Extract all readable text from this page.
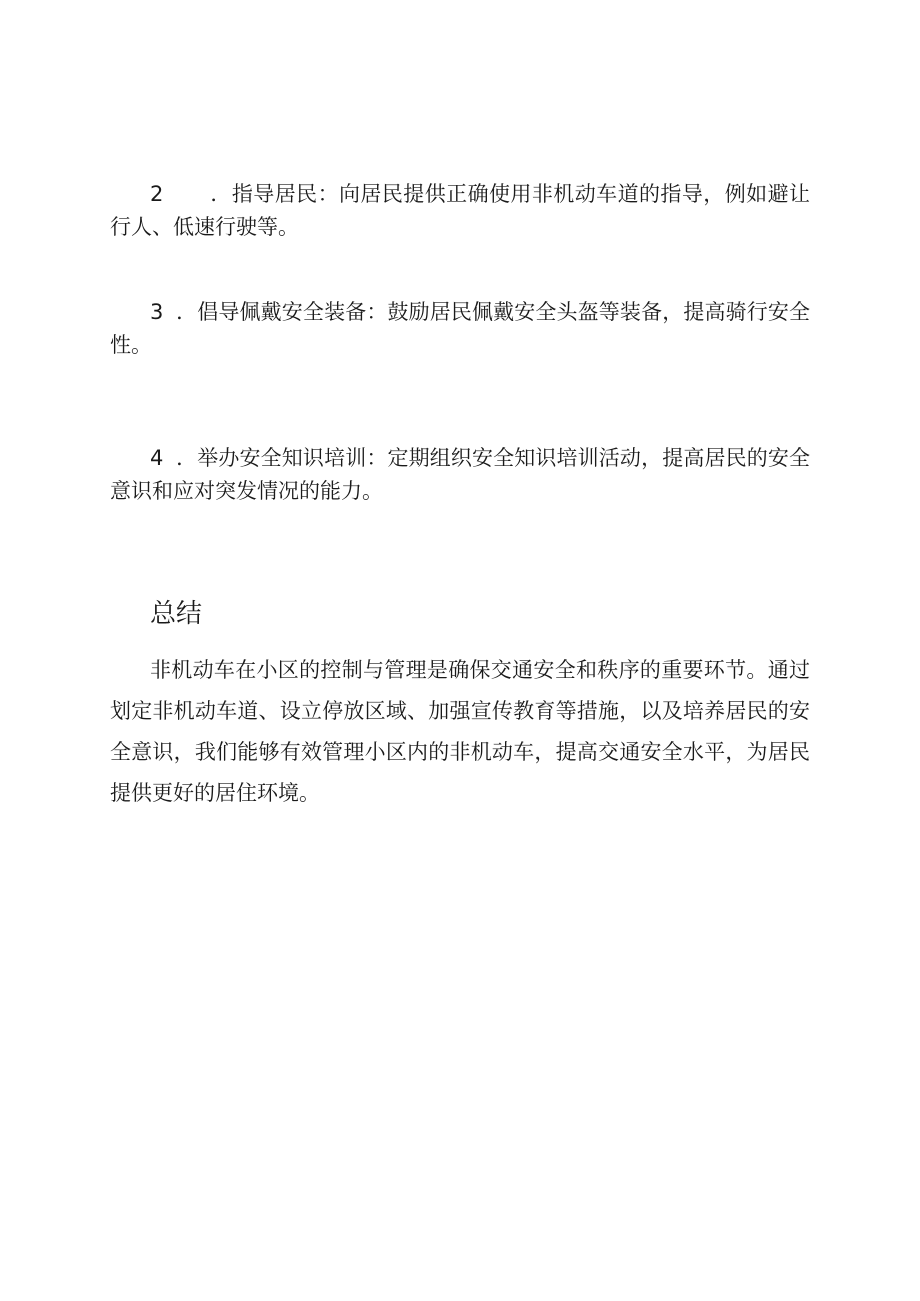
2 ．指导居民：向居民提供正确使用非机动车道的指导，例如避让行人、低速行驶等。

3 ．倡导佩戴安全装备：鼓励居民佩戴安全头盔等装备，提高骑行安全性。

4 ．举办安全知识培训：定期组织安全知识培训活动，提高居民的安全意识和应对突发情况的能力。

总结

非机动车在小区的控制与管理是确保交通安全和秩序的重要环节。通过划定非机动车道、设立停放区域、加强宣传教育等措施，以及培养居民的安全意识，我们能够有效管理小区内的非机动车，提高交通安全水平，为居民提供更好的居住环境。
